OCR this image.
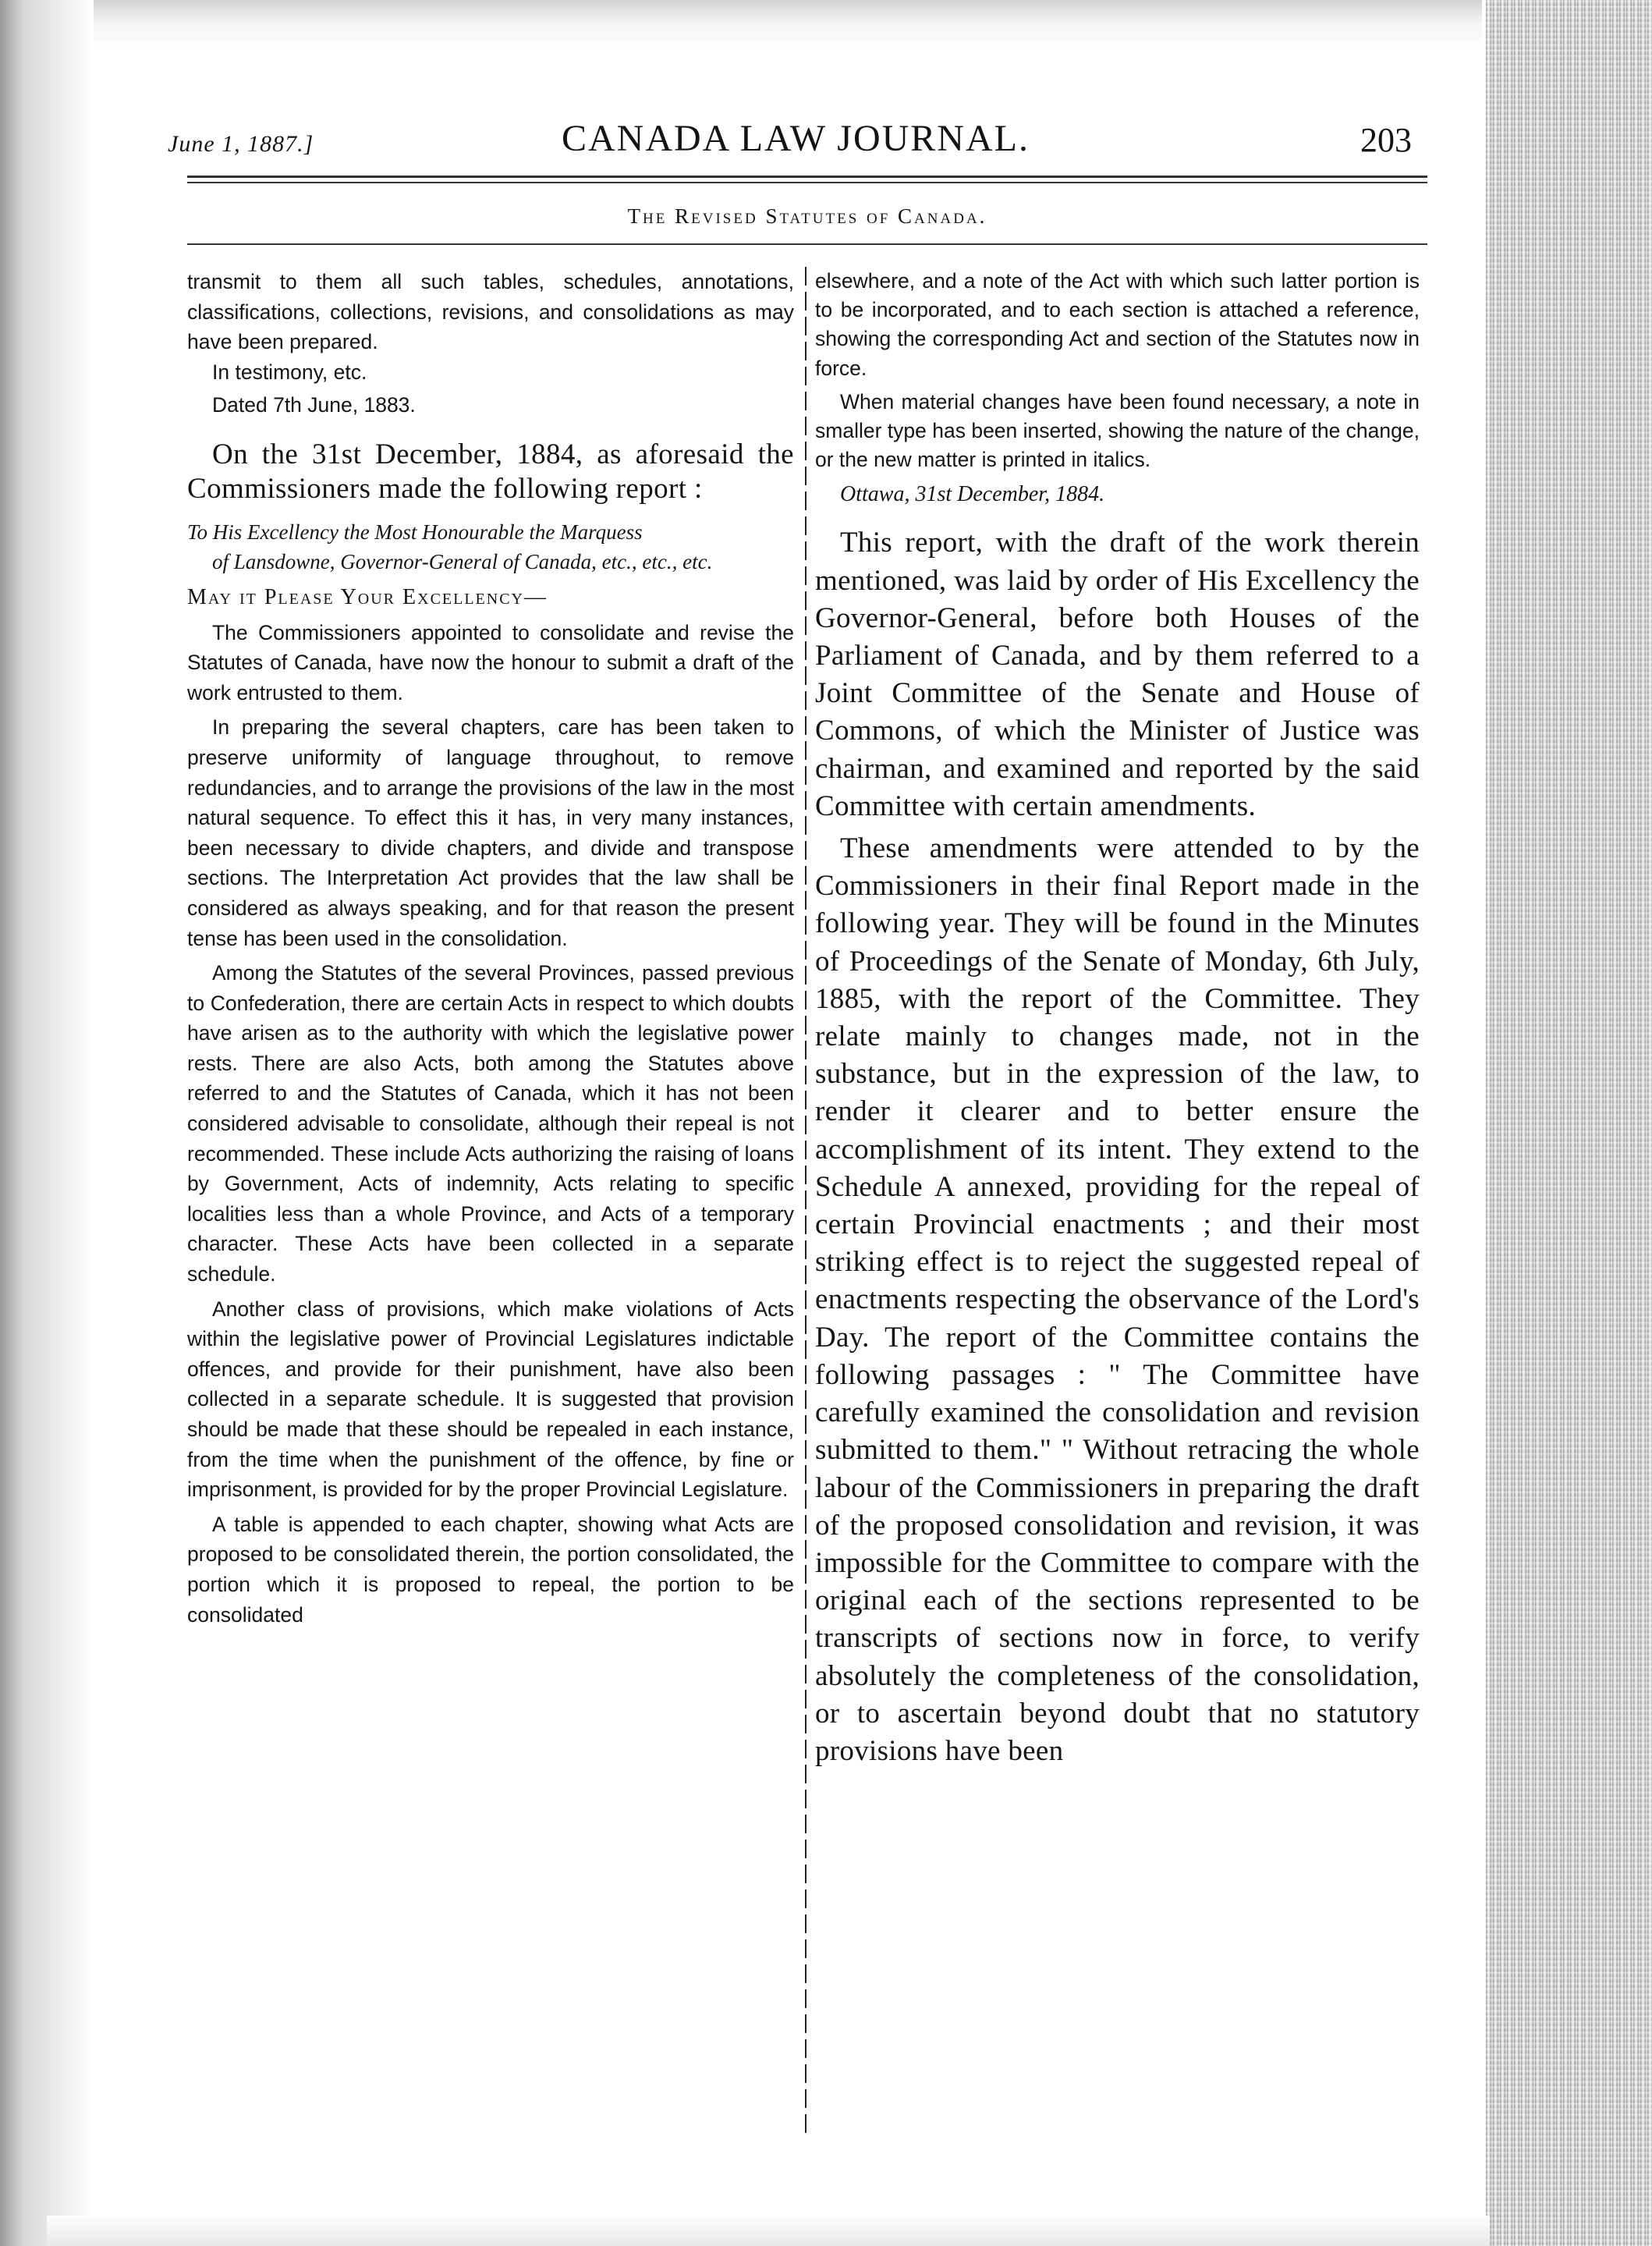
June 1, 1887.]	CANADA LAW JOURNAL.	203
The Revised Statutes of Canada.

transmit to them all such tables, schedules, annotations, classifications, collections, revisions, and consolidations as may have been prepared.

In testimony, etc.

Dated 7th June, 1883.

On the 31st December, 1884, as aforesaid the Commissioners made the following report :

To His Excellency the Most Honourable the Marquess

of Lansdowne, Governor-General of Canada, etc., etc., etc.

May it Please Your Excellency—

The Commissioners appointed to consolidate and revise the Statutes of Canada, have now the honour to submit a draft of the work entrusted to them.

In preparing the several chapters, care has been taken to preserve uniformity of language throughout, to remove redundancies, and to arrange the provisions of the law in the most natural sequence. To effect this it has, in very many instances, been necessary to divide chapters, and divide and transpose sections. The Interpretation Act provides that the law shall be considered as always speaking, and for that reason the present tense has been used in the consolidation.

Among the Statutes of the several Provinces, passed previous to Confederation, there are certain Acts in respect to which doubts have arisen as to the authority with which the legislative power rests. There are also Acts, both among the Statutes above referred to and the Statutes of Canada, which it has not been considered advisable to consolidate, although their repeal is not recommended. These include Acts authorizing the raising of loans by Government, Acts of indemnity, Acts relating to specific localities less than a whole Province, and Acts of a temporary character. These Acts have been collected in a separate schedule.

Another class of provisions, which make violations of Acts within the legislative power of Provincial Legislatures indictable offences, and provide for their punishment, have also been collected in a separate schedule. It is suggested that provision should be made that these should be repealed in each instance, from the time when the punishment of the offence, by fine or imprisonment, is provided for by the proper Provincial Legislature.

A table is appended to each chapter, showing what Acts are proposed to be consolidated therein, the portion consolidated, the portion which it is proposed to repeal, the portion to be consolidated

elsewhere, and a note of the Act with which such latter portion is to be incorporated, and to each section is attached a reference, showing the corresponding Act and section of the Statutes now in force.

When material changes have been found necessary, a note in smaller type has been inserted, showing the nature of the change, or the new matter is printed in italics.

Ottawa, 31st December, 1884.

This report, with the draft of the work therein mentioned, was laid by order of His Excellency the Governor-General, before both Houses of the Parliament of Canada, and by them referred to a Joint Committee of the Senate and House of Commons, of which the Minister of Justice was chairman, and examined and reported by the said Committee with certain amendments.

These amendments were attended to by the Commissioners in their final Report made in the following year. They will be found in the Minutes of Proceedings of the Senate of Monday, 6th July, 1885, with the report of the Committee. They relate mainly to changes made, not in the substance, but in the expression of the law, to render it clearer and to better ensure the accomplishment of its intent. They extend to the Schedule A annexed, providing for the repeal of certain Provincial enactments ; and their most striking effect is to reject the suggested repeal of enactments respecting the observance of the Lord's Day. The report of the Committee contains the following passages : " The Committee have carefully examined the consolidation and revision submitted to them." " Without retracing the whole labour of the Commissioners in preparing the draft of the proposed consolidation and revision, it was impossible for the Committee to compare with the original each of the sections represented to be transcripts of sections now in force, to verify absolutely the completeness of the consolidation, or to ascertain beyond doubt that no statutory provisions have been
